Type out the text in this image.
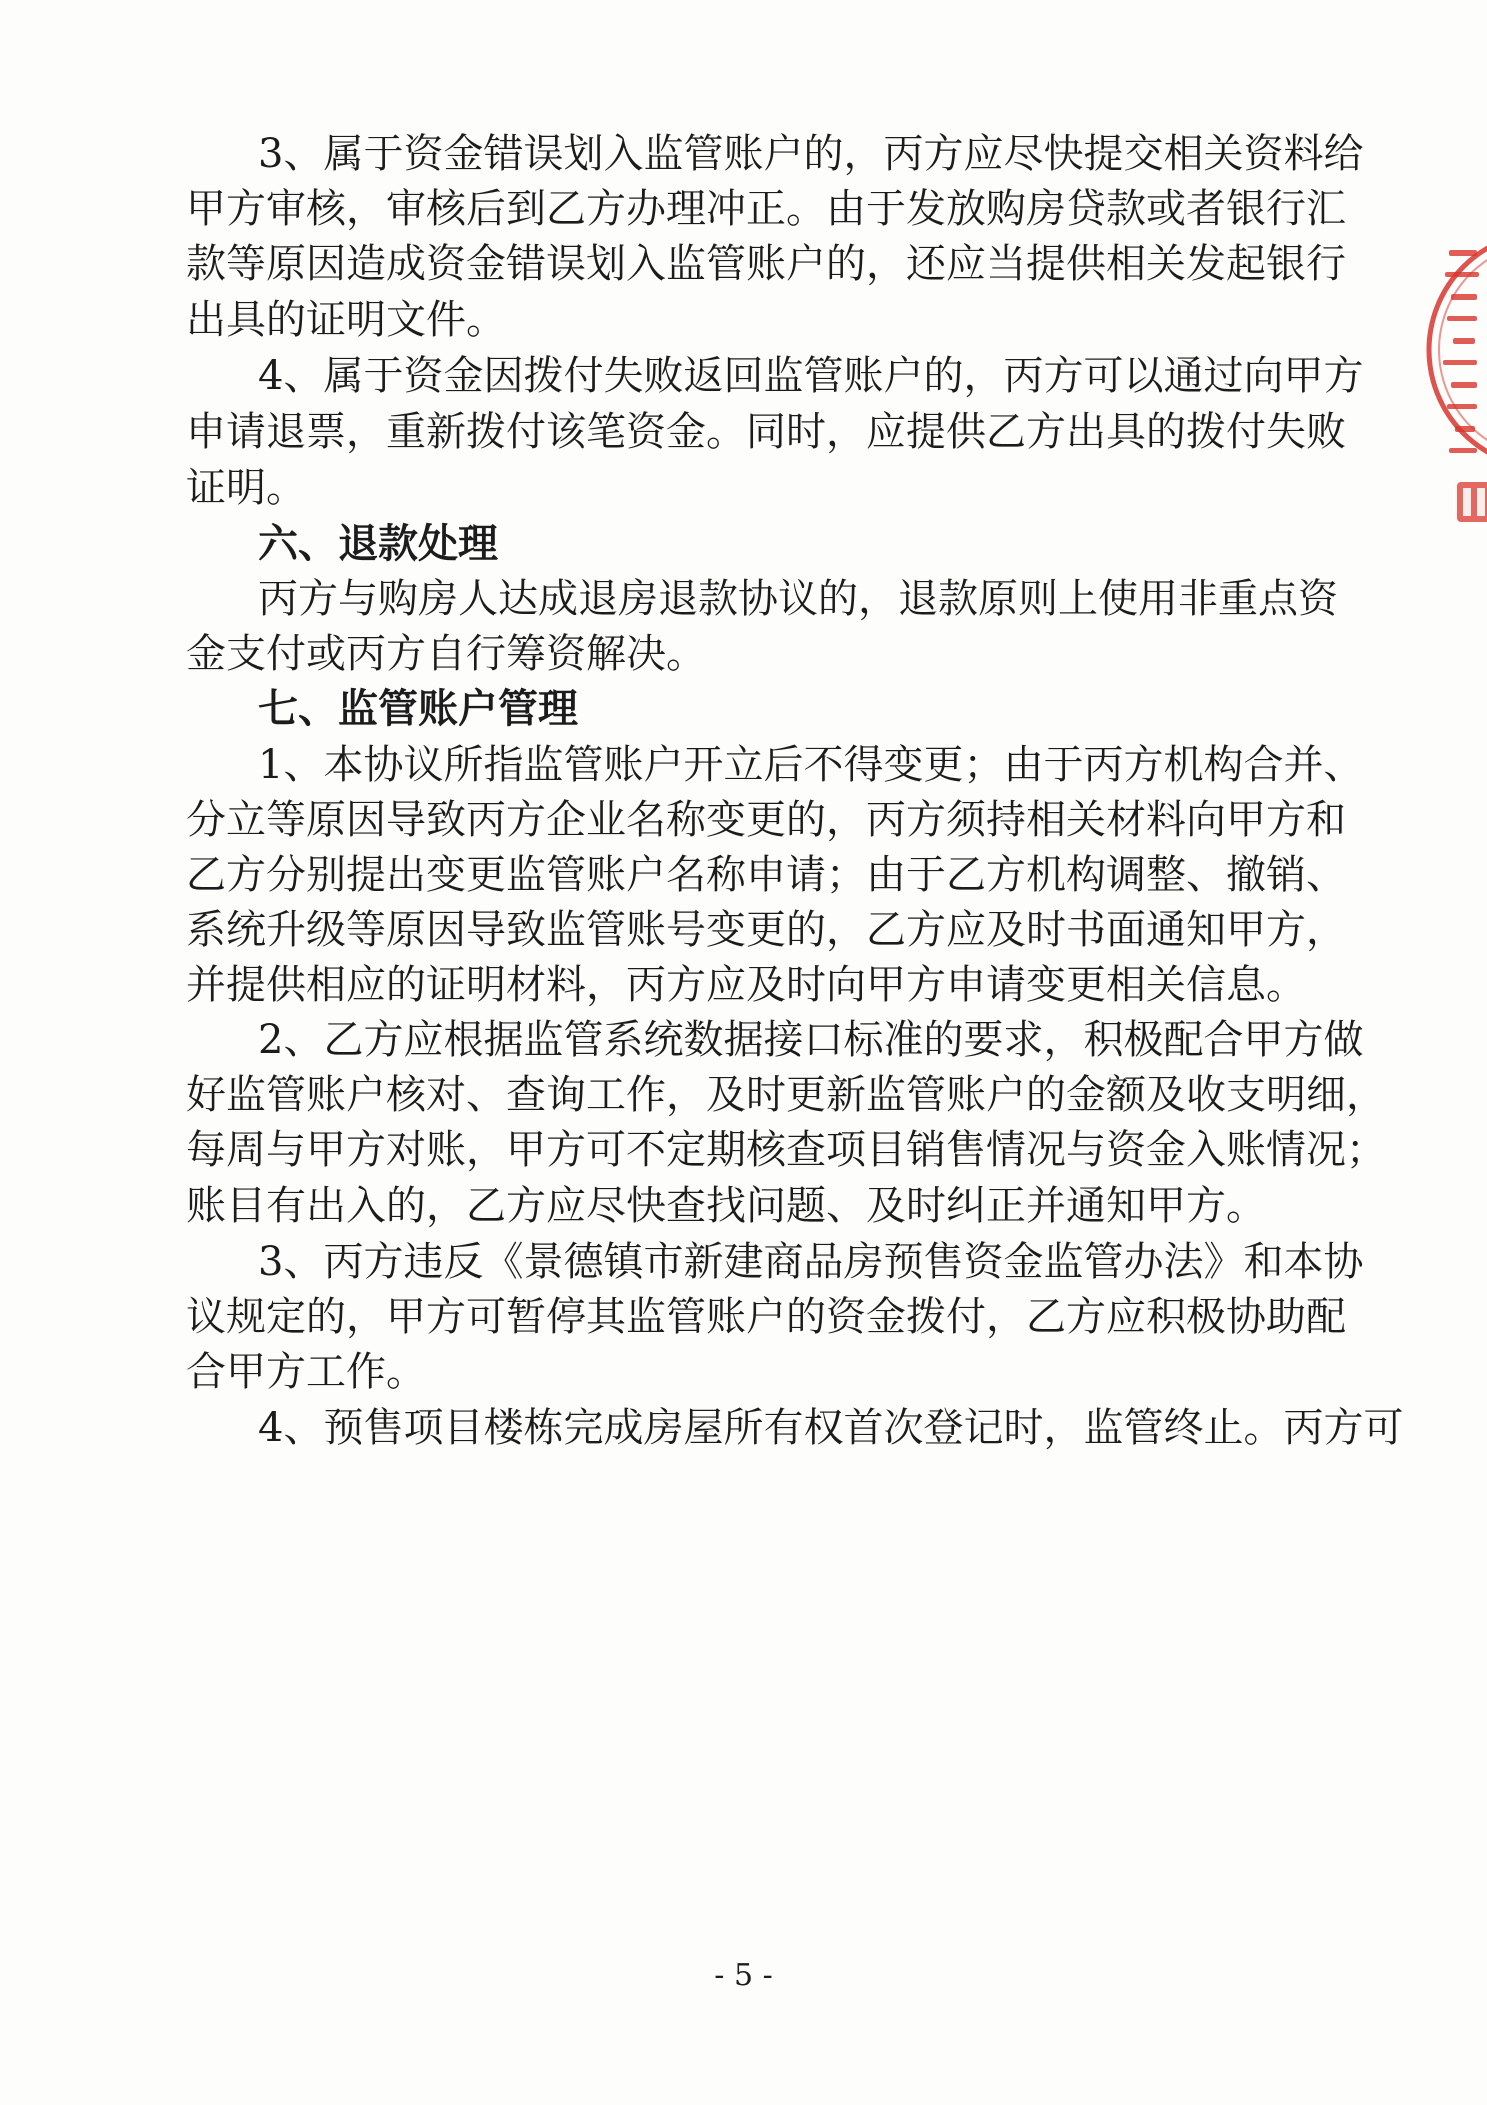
3、属于资金错误划入监管账户的，丙方应尽快提交相关资料给
甲方审核，审核后到乙方办理冲正。由于发放购房贷款或者银行汇
款等原因造成资金错误划入监管账户的，还应当提供相关发起银行
出具的证明文件。
4、属于资金因拨付失败返回监管账户的，丙方可以通过向甲方
申请退票，重新拨付该笔资金。同时，应提供乙方出具的拨付失败
证明。
六、退款处理
丙方与购房人达成退房退款协议的，退款原则上使用非重点资
金支付或丙方自行筹资解决。
七、监管账户管理
1、本协议所指监管账户开立后不得变更；由于丙方机构合并、
分立等原因导致丙方企业名称变更的，丙方须持相关材料向甲方和
乙方分别提出变更监管账户名称申请；由于乙方机构调整、撤销、
系统升级等原因导致监管账号变更的，乙方应及时书面通知甲方，
并提供相应的证明材料，丙方应及时向甲方申请变更相关信息。
2、乙方应根据监管系统数据接口标准的要求，积极配合甲方做
好监管账户核对、查询工作，及时更新监管账户的金额及收支明细，
每周与甲方对账，甲方可不定期核查项目销售情况与资金入账情况；
账目有出入的，乙方应尽快查找问题、及时纠正并通知甲方。
3、丙方违反《景德镇市新建商品房预售资金监管办法》和本协
议规定的，甲方可暂停其监管账户的资金拨付，乙方应积极协助配
合甲方工作。
4、预售项目楼栋完成房屋所有权首次登记时，监管终止。丙方可
- 5 -
